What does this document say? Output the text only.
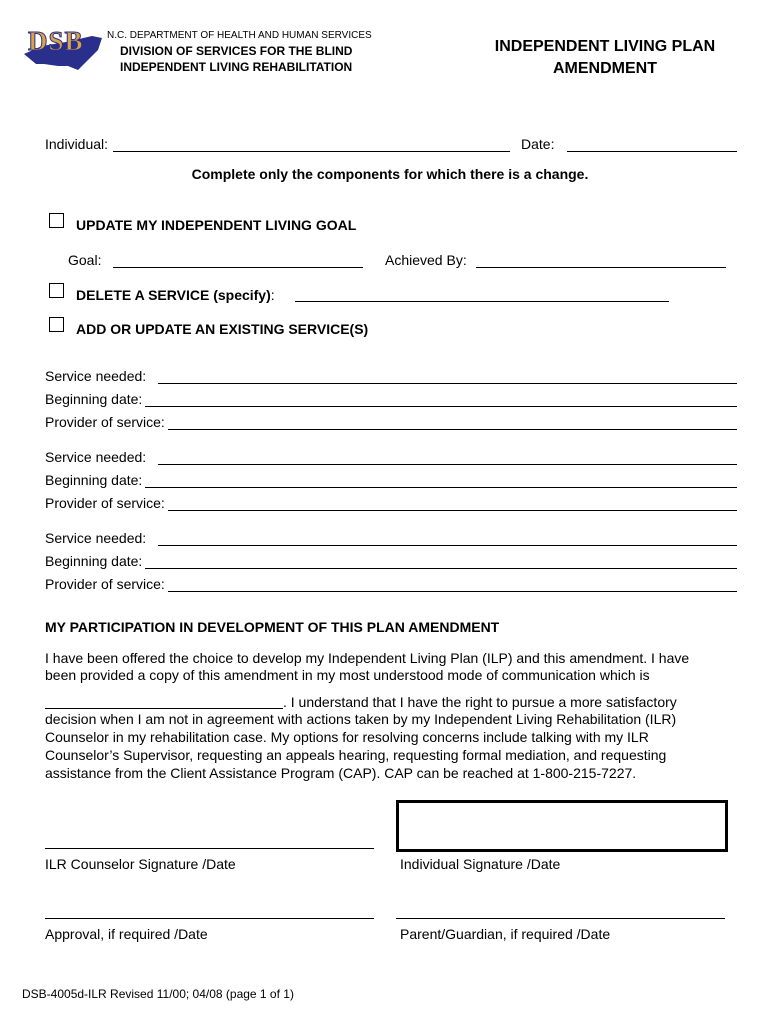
DSB N.C. DEPARTMENT OF HEALTH AND HUMAN SERVICES
DIVISION OF SERVICES FOR THE BLIND
INDEPENDENT LIVING REHABILITATION
INDEPENDENT LIVING PLAN
AMENDMENT
Individual:	Date:
Complete only the components for which there is a change.
UPDATE MY INDEPENDENT LIVING GOAL
Goal:	Achieved By:
DELETE A SERVICE (specify):
ADD OR UPDATE AN EXISTING SERVICE(S)
Service needed:
Beginning date:
Provider of service:
Service needed:
Beginning date:
Provider of service:
Service needed:
Beginning date:
Provider of service:
MY PARTICIPATION IN DEVELOPMENT OF THIS PLAN AMENDMENT
I have been offered the choice to develop my Independent Living Plan (ILP) and this amendment. I have
been provided a copy of this amendment in my most understood mode of communication which is
. I understand that I have the right to pursue a more satisfactory
decision when I am not in agreement with actions taken by my Independent Living Rehabilitation (ILR)
Counselor in my rehabilitation case. My options for resolving concerns include talking with my ILR
Counselor’s Supervisor, requesting an appeals hearing, requesting formal mediation, and requesting
assistance from the Client Assistance Program (CAP). CAP can be reached at 1-800-215-7227.
ILR Counselor Signature /Date	Individual Signature /Date
Approval, if required /Date	Parent/Guardian, if required /Date
DSB-4005d-ILR Revised 11/00; 04/08 (page 1 of 1)
